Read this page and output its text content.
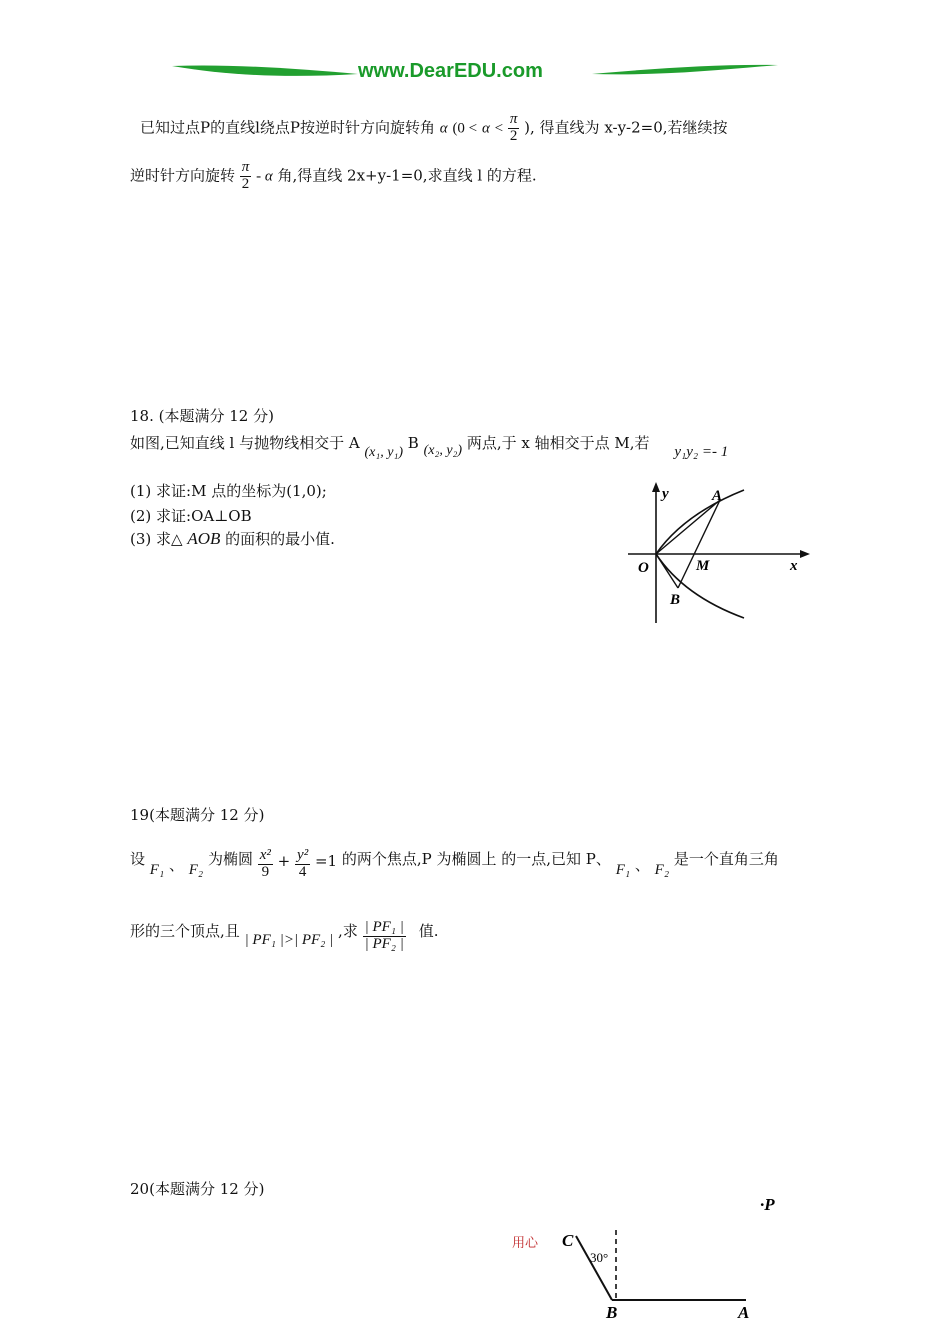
www.DearEDU.com
已知过点P的直线l绕点P按逆时针方向旋转角 α ($0 < \alpha < \frac{\pi}{2}$ ), 得直线为 x-y-2=0,若继续按
逆时针方向旋转 $\frac{\pi}{2}$ - α 角,得直线 2x+y-1=0,求直线 l 的方程.
18. (本题满分 12 分)
如图,已知直线 l 与抛物线相交于 A (x₁, y₁) B (x₂, y₂) 两点,于 x 轴相交于点 M,若 y₁y₂ =- 1
(1) 求证:M 点的坐标为(1,0);
(2) 求证:OA⊥OB
(3) 求△ AOB 的面积的最小值.
y
x
O
A
M
B
19(本题满分 12 分)
设 F₁ 、 F₂ 为椭圆 $\frac{\text{x²}}{9} + \frac{\text{y²}}{4} =1$ 的两个焦点,P 为椭圆上 的一点,已知 P、 F₁ 、 F₂ 是一个直角三角
形的三个顶点,且 | PF₁ |>| PF₂ | ,求 $\frac{\text{| PF₁ |}}{\text{| PF₂ |}}$ 值.
20(本题满分 12 分)
用心
·P
C
30°
B	A
